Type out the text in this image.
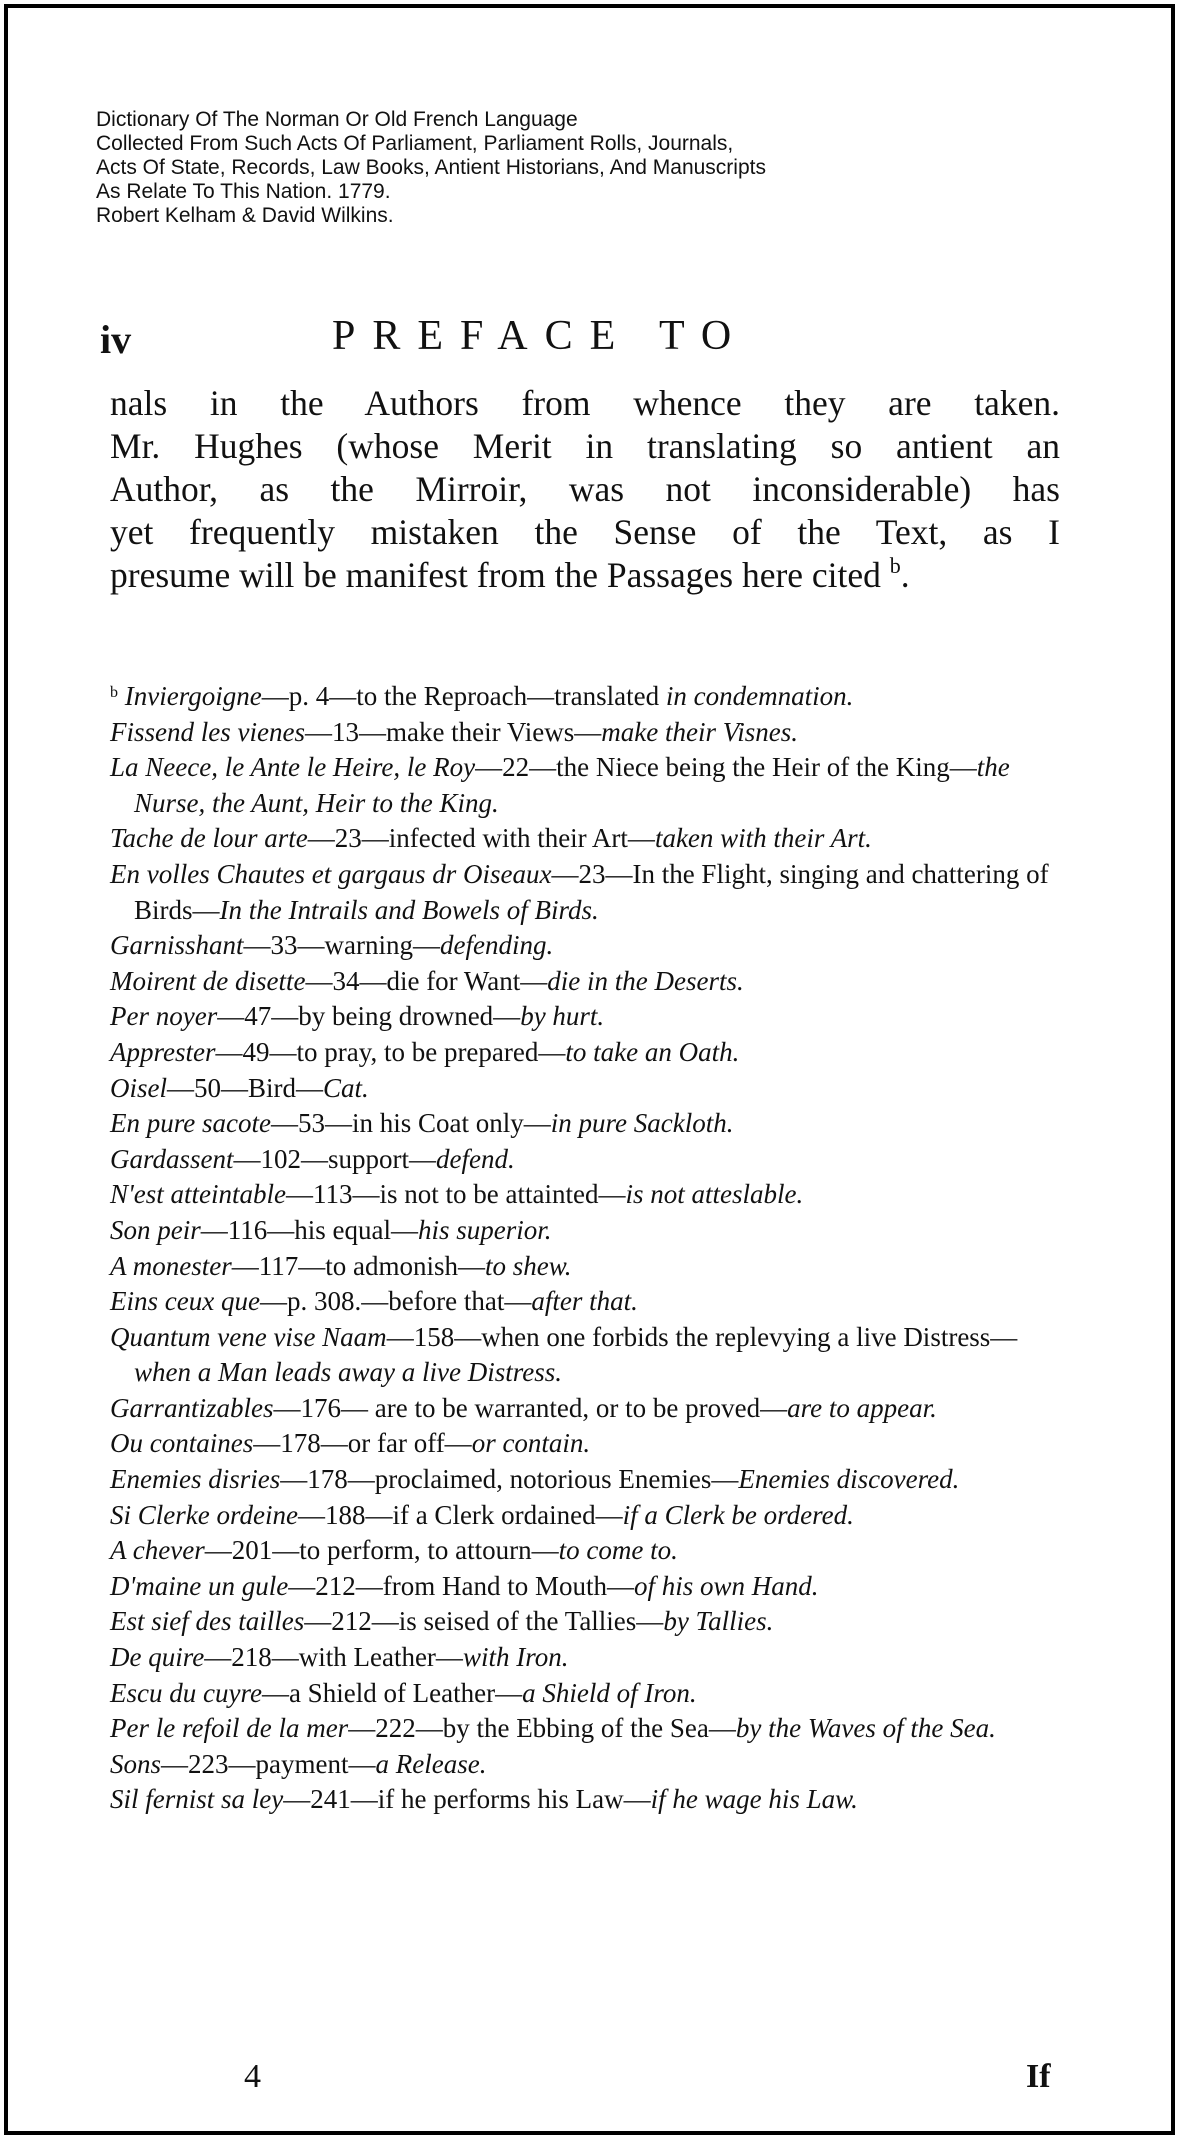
Dictionary Of The Norman Or Old French Language
Collected From Such Acts Of Parliament, Parliament Rolls, Journals,
Acts Of State, Records, Law Books, Antient Historians, And Manuscripts
As Relate To This Nation. 1779.
Robert Kelham & David Wilkins.
iv	PREFACE TO
nals in the Authors from whence they are taken.
Mr. Hughes (whose Merit in translating so antient an
Author, as the Mirroir, was not inconsiderable) has
yet frequently mistaken the Sense of the Text, as I
presume will be manifest from the Passages here cited $^b$.
$^b$ Inviergoigne—p. 4—to the Reproach—translated in condemnation.
Fissend les vienes—13—make their Views—make their Visnes.
La Neece, le Ante le Heire, le Roy—22—the Niece being the Heir of the King—the Nurse, the Aunt, Heir to the King.
Tache de lour arte—23—infected with their Art—taken with their Art.
En volles Chautes et gargaus dr Oiseaux—23—In the Flight, singing and chattering of Birds—In the Intrails and Bowels of Birds.
Garnisshant—33—warning—defending.
Moirent de disette—34—die for Want—die in the Deserts.
Per noyer—47—by being drowned—by hurt.
Apprester—49—to pray, to be prepared—to take an Oath.
Oisel—50—Bird—Cat.
En pure sacote—53—in his Coat only—in pure Sackloth.
Gardassent—102—support—defend.
N'est atteintable—113—is not to be attainted—is not atteslable.
Son peir—116—his equal—his superior.
A monester—117—to admonish—to shew.
Eins ceux que—p. 308.—before that—after that.
Quantum vene vise Naam—158—when one forbids the replevying a live Distress—when a Man leads away a live Distress.
Garrantizables—176— are to be warranted, or to be proved—are to appear.
Ou containes—178—or far off—or contain.
Enemies disries—178—proclaimed, notorious Enemies—Enemies discovered.
Si Clerke ordeine—188—if a Clerk ordained—if a Clerk be ordered.
A chever—201—to perform, to attourn—to come to.
D'maine un gule—212—from Hand to Mouth—of his own Hand.
Est sief des tailles—212—is seised of the Tallies—by Tallies.
De quire—218—with Leather—with Iron.
Escu du cuyre—a Shield of Leather—a Shield of Iron.
Per le refoil de la mer—222—by the Ebbing of the Sea—by the Waves of the Sea.
Sons—223—payment—a Release.
Sil fernist sa ley—241—if he performs his Law—if he wage his Law.
4	If
